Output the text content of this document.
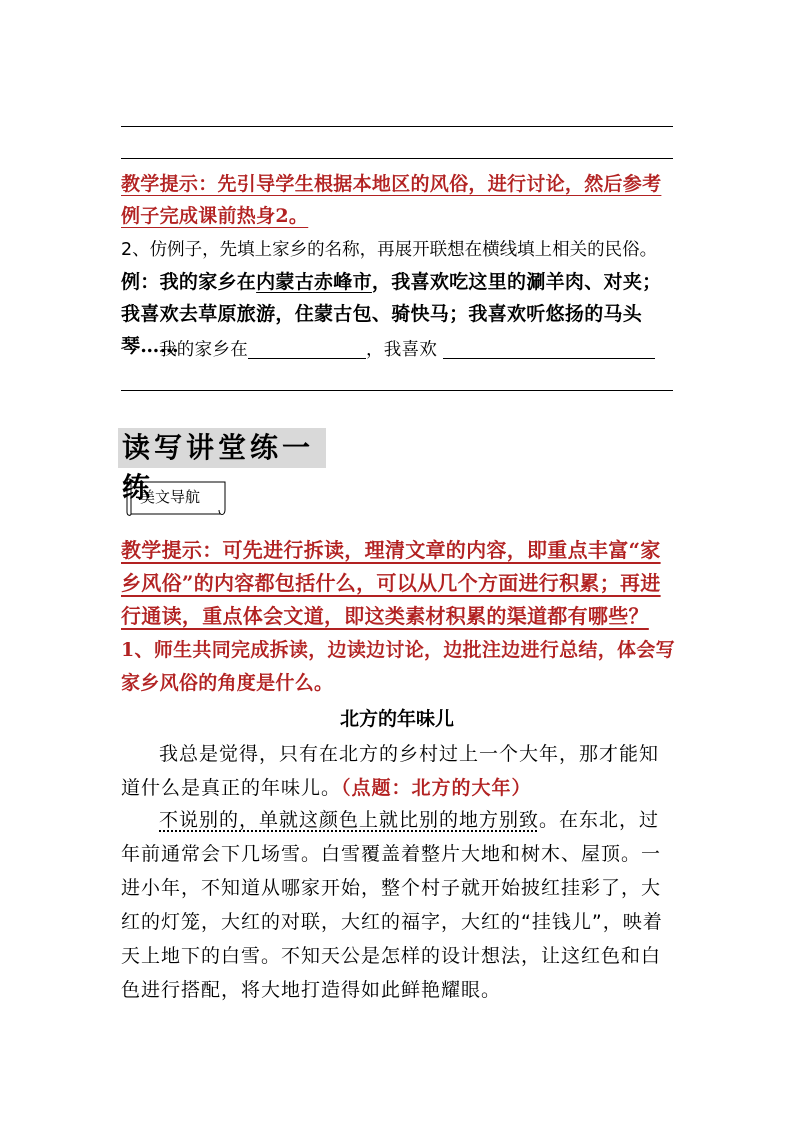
教学提示：先引导学生根据本地区的风俗，进行讨论，然后参考例子完成课前热身2。

2、仿例子，先填上家乡的名称，再展开联想在横线填上相关的民俗。

例：我的家乡在内蒙古赤峰市，我喜欢吃这里的涮羊肉、对夹；我喜欢去草原旅游，住蒙古包、骑快马；我喜欢听悠扬的马头琴……

我的家乡在	，我喜欢

读写讲堂练一练
美文导航

教学提示：可先进行拆读，理清文章的内容，即重点丰富“家乡风俗”的内容都包括什么，可以从几个方面进行积累；再进行通读，重点体会文道，即这类素材积累的渠道都有哪些？

1、师生共同完成拆读，边读边讨论，边批注边进行总结，体会写家乡风俗的角度是什么。

北方的年味儿

我总是觉得，只有在北方的乡村过上一个大年，那才能知道什么是真正的年味儿。（点题：北方的大年）

不说别的，单就这颜色上就比别的地方别致。在东北，过年前通常会下几场雪。白雪覆盖着整片大地和树木、屋顶。一进小年，不知道从哪家开始，整个村子就开始披红挂彩了，大红的灯笼，大红的对联，大红的福字，大红的“挂钱儿”，映着天上地下的白雪。不知天公是怎样的设计想法，让这红色和白色进行搭配，将大地打造得如此鲜艳耀眼。
